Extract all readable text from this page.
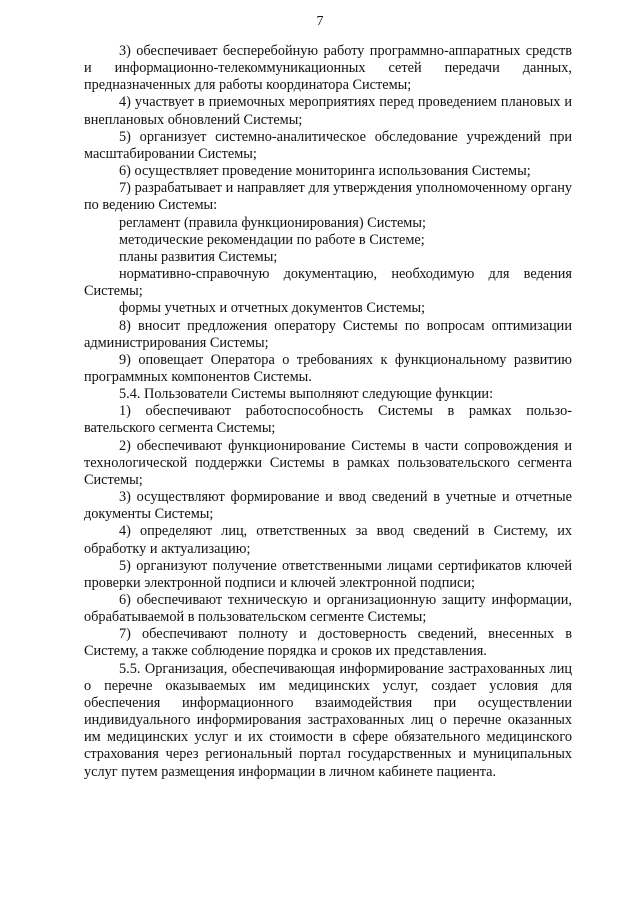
7

3) обеспечивает бесперебойную работу программно-аппаратных средств и информационно-телекоммуникационных сетей передачи данных, предназначенных для работы координатора Системы;

4) участвует в приемочных мероприятиях перед проведением плановых и внеплановых обновлений Системы;

5) организует системно-аналитическое обследование учреждений при масштабировании Системы;

6) осуществляет проведение мониторинга использования Системы;

7) разрабатывает и направляет для утверждения уполномоченному органу по ведению Системы:

регламент (правила функционирования) Системы;

методические рекомендации по работе в Системе;

планы развития Системы;

нормативно-справочную документацию, необходимую для ведения Системы;

формы учетных и отчетных документов Системы;

8) вносит предложения оператору Системы по вопросам оптимизации администрирования Системы;

9) оповещает Оператора о требованиях к функциональному развитию программных компонентов Системы.

5.4. Пользователи Системы выполняют следующие функции:

1) обеспечивают работоспособность Системы в рамках пользо-вательского сегмента Системы;

2) обеспечивают функционирование Системы в части сопровождения и технологической поддержки Системы в рамках пользовательского сегмента Системы;

3) осуществляют формирование и ввод сведений в учетные и отчетные документы Системы;

4) определяют лиц, ответственных за ввод сведений в Систему, их обработку и актуализацию;

5) организуют получение ответственными лицами сертификатов ключей проверки электронной подписи и ключей электронной подписи;

6) обеспечивают техническую и организационную защиту информации, обрабатываемой в пользовательском сегменте Системы;

7) обеспечивают полноту и достоверность сведений, внесенных в Систему, а также соблюдение порядка и сроков их представления.

5.5. Организация, обеспечивающая информирование застрахованных лиц о перечне оказываемых им медицинских услуг, создает условия для обеспечения информационного взаимодействия при осуществлении индивидуального информирования застрахованных лиц о перечне оказанных им медицинских услуг и их стоимости в сфере обязательного медицинского страхования через региональный портал государственных и муниципальных услуг путем размещения информации в личном кабинете пациента.
